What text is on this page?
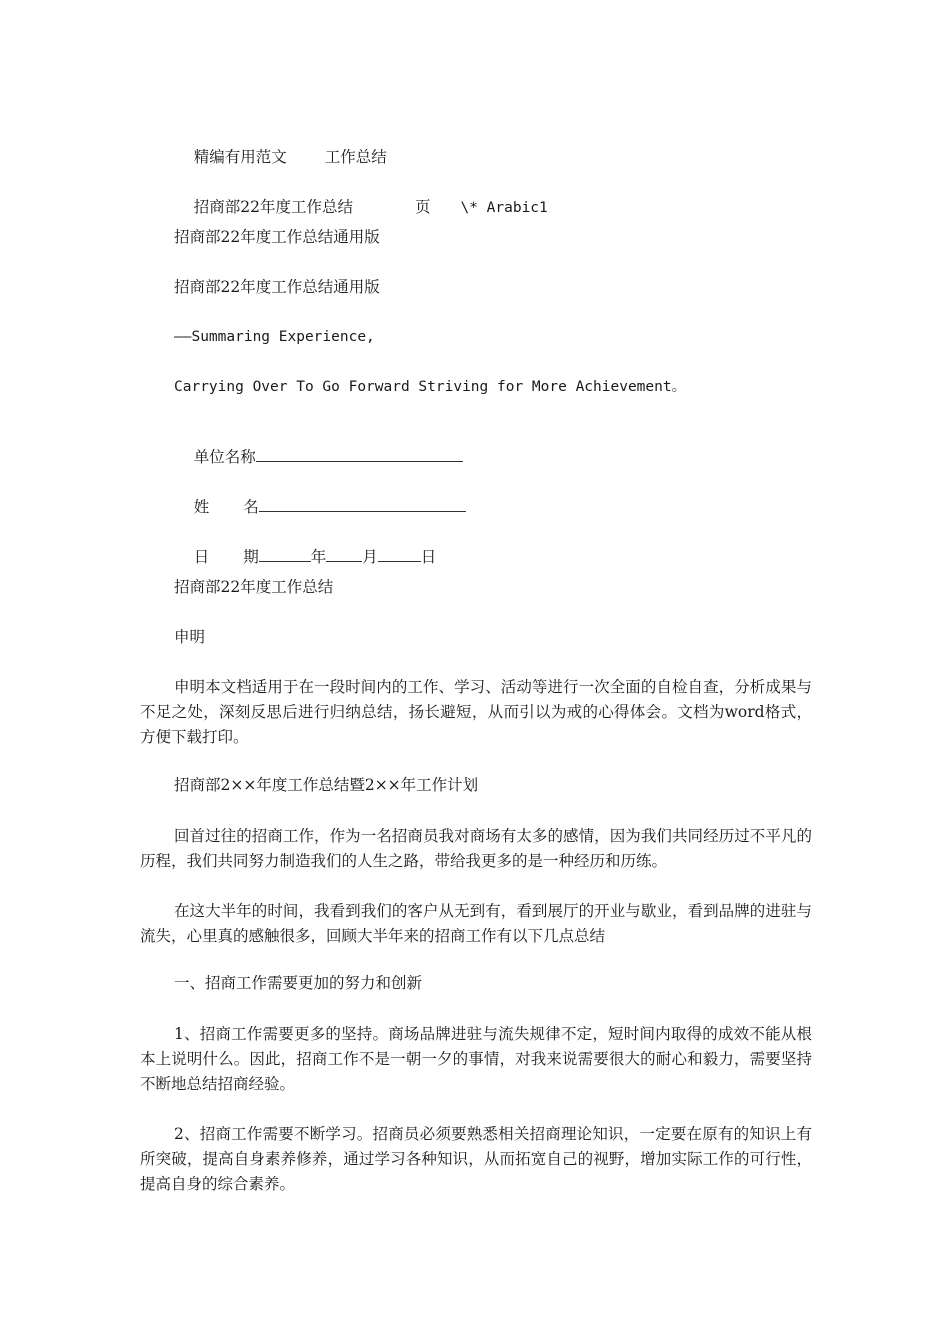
精编有用范文 工作总结

招商部22年度工作总结	页 \* Arabic1

招商部22年度工作总结通用版
招商部22年度工作总结通用版
——Summaring Experience,
Carrying Over To Go Forward Striving for More Achievement。

单位名称

姓 名

日 期	年 月	日

招商部22年度工作总结
申明
申明本文档适用于在一段时间内的工作、学习、活动等进行一次全面的自检自查，分析成果与不足之处，深刻反思后进行归纳总结，扬长避短，从而引以为戒的心得体会。文档为word格式，方便下载打印。
招商部2××年度工作总结暨2××年工作计划
回首过往的招商工作，作为一名招商员我对商场有太多的感情，因为我们共同经历过不平凡的历程，我们共同努力制造我们的人生之路，带给我更多的是一种经历和历练。
在这大半年的时间，我看到我们的客户从无到有，看到展厅的开业与歇业，看到品牌的进驻与流失，心里真的感触很多，回顾大半年来的招商工作有以下几点总结
一、招商工作需要更加的努力和创新
1、招商工作需要更多的坚持。商场品牌进驻与流失规律不定，短时间内取得的成效不能从根本上说明什么。因此，招商工作不是一朝一夕的事情，对我来说需要很大的耐心和毅力，需要坚持不断地总结招商经验。
2、招商工作需要不断学习。招商员必须要熟悉相关招商理论知识，一定要在原有的知识上有所突破，提高自身素养修养，通过学习各种知识，从而拓宽自己的视野，增加实际工作的可行性，提高自身的综合素养。
